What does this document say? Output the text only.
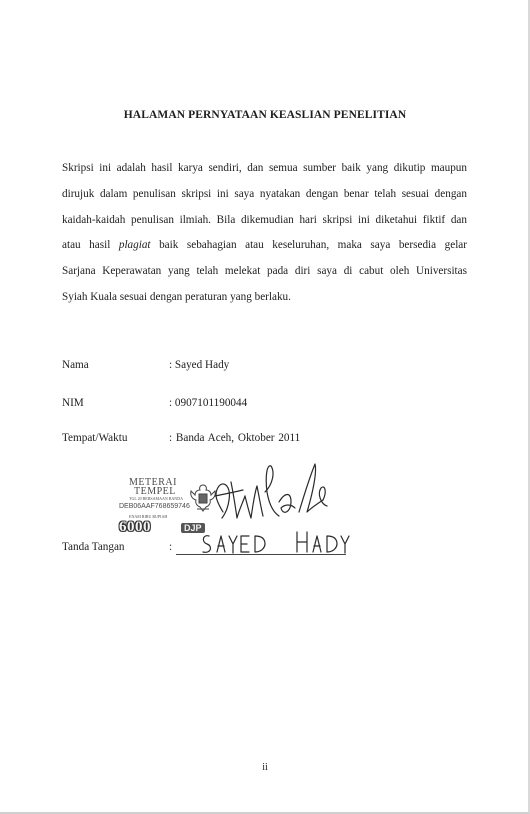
HALAMAN PERNYATAAN KEASLIAN PENELITIAN
Skripsi ini adalah hasil karya sendiri, dan semua sumber baik yang dikutip maupun
dirujuk dalam penulisan skripsi ini saya nyatakan dengan benar telah sesuai dengan
kaidah-kaidah penulisan ilmiah. Bila dikemudian hari skripsi ini diketahui fiktif dan
atau hasil plagiat baik sebahagian atau keseluruhan, maka saya bersedia gelar
Sarjana Keperawatan yang telah melekat pada diri saya di cabut oleh Universitas
Syiah Kuala sesuai dengan peraturan yang berlaku.
Nama	: Sayed Hady
NIM	: 0907101190044
Tempat/Waktu	: Banda Aceh, Oktober 2011
METERAI
TEMPEL
TGL 20 BERSAMAAN BANDA
DEB06AAF768659746
ENAM RIBU RUPIAH
6000	DJP
Tanda Tangan	:
ii
